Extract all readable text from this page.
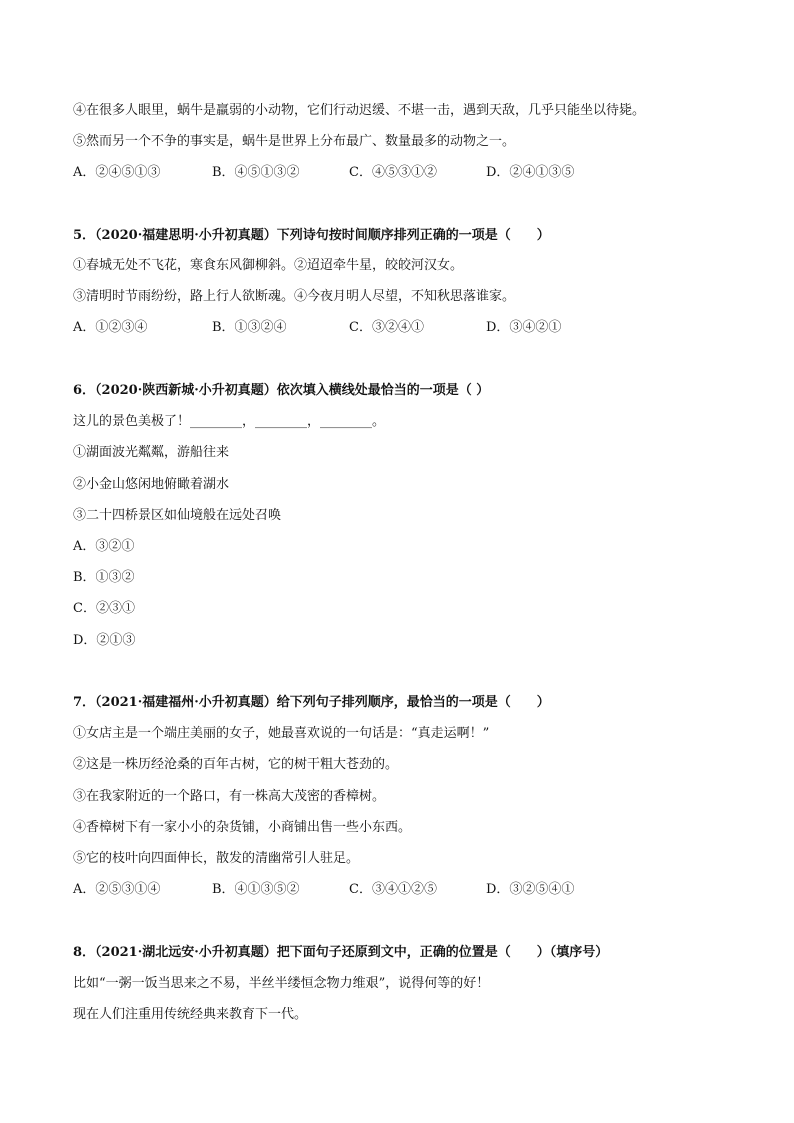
④在很多人眼里，蜗牛是羸弱的小动物，它们行动迟缓、不堪一击，遇到天敌，几乎只能坐以待毙。
⑤然而另一个不争的事实是，蜗牛是世界上分布最广、数量最多的动物之一。
A．②④⑤①③	B．④⑤①③②	C．④⑤③①②	D．②④①③⑤
5．（2020·福建思明·小升初真题）下列诗句按时间顺序排列正确的一项是（　　）
①春城无处不飞花，寒食东风御柳斜。②迢迢牵牛星，皎皎河汉女。
③清明时节雨纷纷，路上行人欲断魂。④今夜月明人尽望，不知秋思落谁家。
A．①②③④	B．①③②④	C．③②④①	D．③④②①
6．（2020·陕西新城·小升初真题）依次填入横线处最恰当的一项是（ ）
这儿的景色美极了！________，________，________。
①湖面波光粼粼，游船往来
②小金山悠闲地俯瞰着湖水
③二十四桥景区如仙境般在远处召唤
A．③②①
B．①③②
C．②③①
D．②①③
7．（2021·福建福州·小升初真题）给下列句子排列顺序，最恰当的一项是（　　）
①女店主是一个端庄美丽的女子，她最喜欢说的一句话是：“真走运啊！”
②这是一株历经沧桑的百年古树，它的树干粗大苍劲的。
③在我家附近的一个路口，有一株高大茂密的香樟树。
④香樟树下有一家小小的杂货铺，小商铺出售一些小东西。
⑤它的枝叶向四面伸长，散发的清幽常引人驻足。
A．②⑤③①④	B．④①③⑤②	C．③④①②⑤	D．③②⑤④①
8．（2021·湖北远安·小升初真题）把下面句子还原到文中，正确的位置是（　　）（填序号）
比如“一粥一饭当思来之不易，半丝半缕恒念物力维艰”，说得何等的好！
现在人们注重用传统经典来教育下一代。
